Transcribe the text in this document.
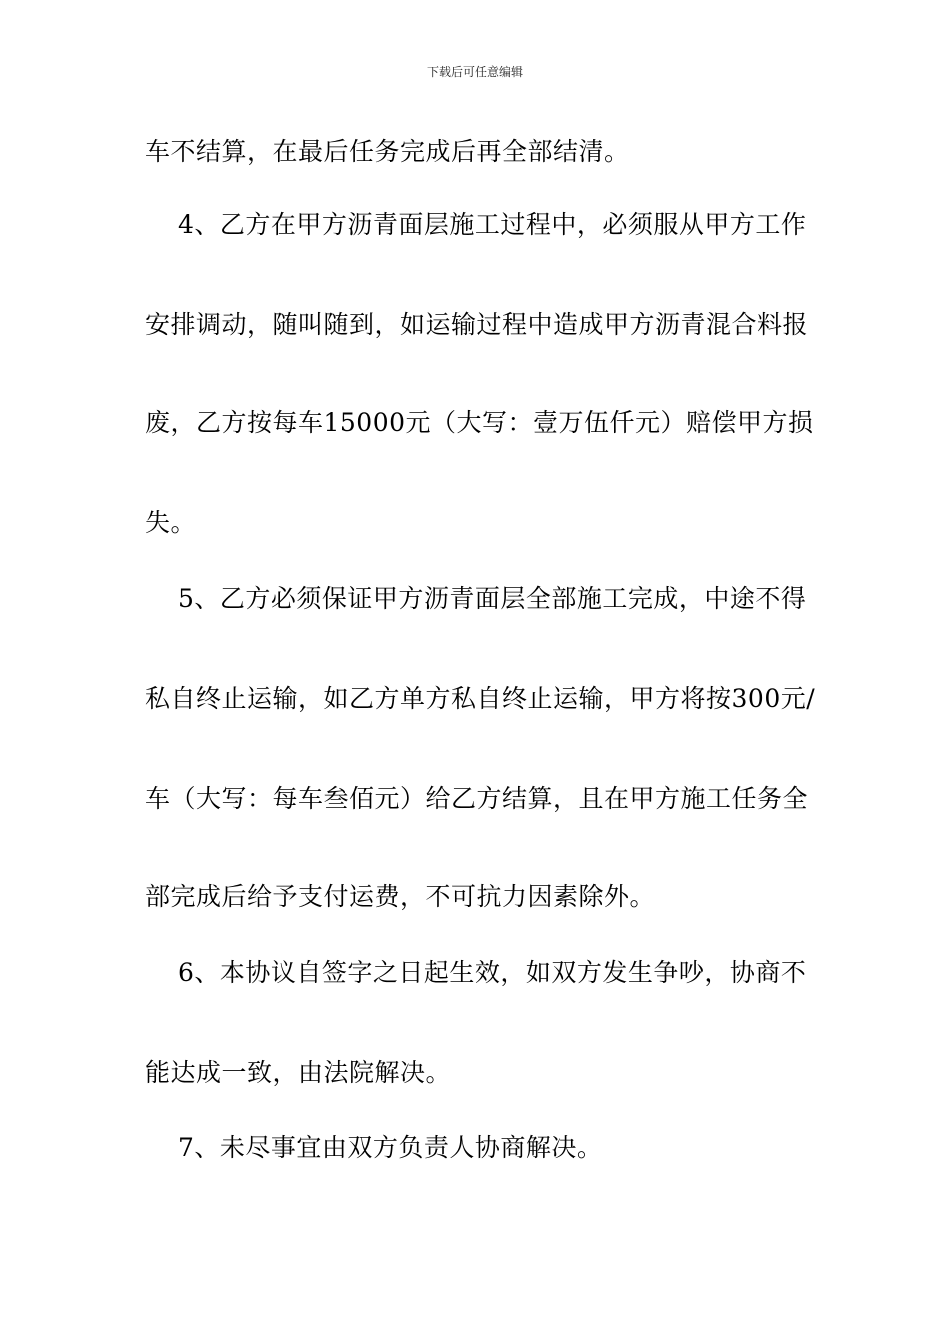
下载后可任意编辑
车不结算，在最后任务完成后再全部结清。
4、乙方在甲方沥青面层施工过程中，必须服从甲方工作
安排调动，随叫随到，如运输过程中造成甲方沥青混合料报
废，乙方按每车15000元（大写：壹万伍仟元）赔偿甲方损
失。
5、乙方必须保证甲方沥青面层全部施工完成，中途不得
私自终止运输，如乙方单方私自终止运输，甲方将按300元/
车（大写：每车叁佰元）给乙方结算，且在甲方施工任务全
部完成后给予支付运费，不可抗力因素除外。
6、本协议自签字之日起生效，如双方发生争吵，协商不
能达成一致，由法院解决。
7、未尽事宜由双方负责人协商解决。
